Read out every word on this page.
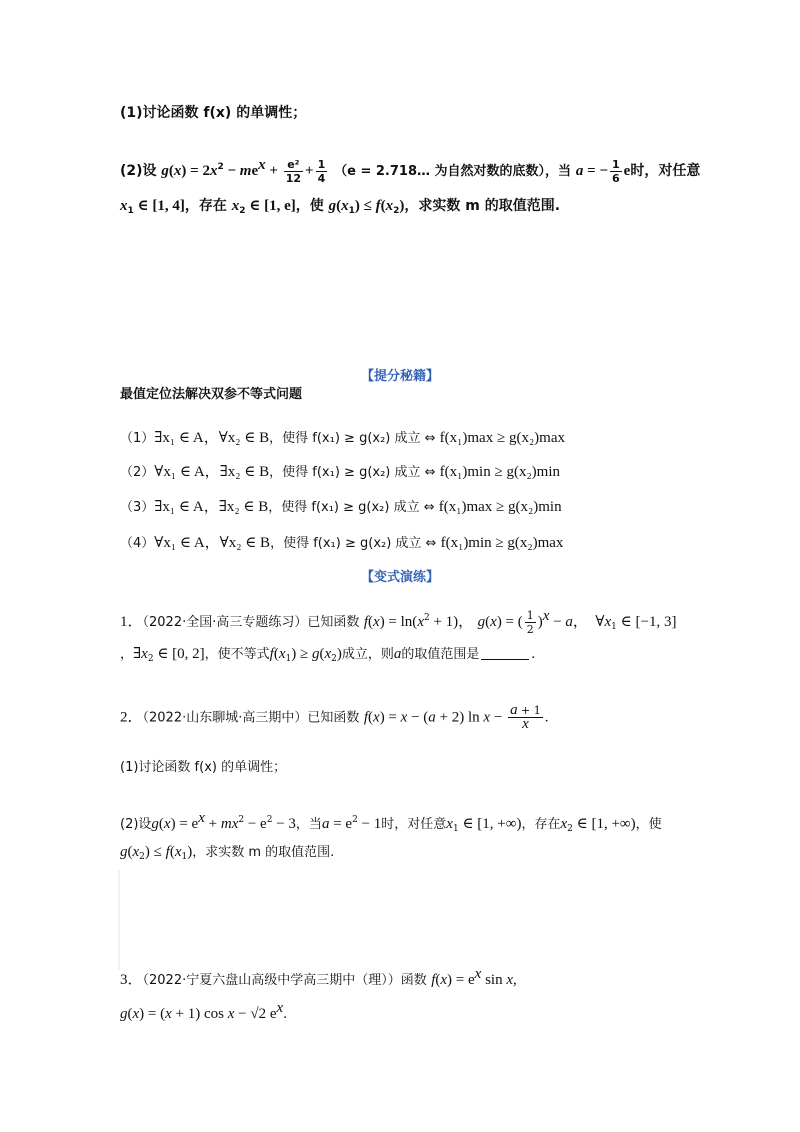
(1)讨论函数 f(x) 的单调性；
(2)设 $g(x) = 2x^2 - me^x + \frac{\text{e²}}{12} + \frac{1}{4} (e$ = 2.718… 为自然对数的底数），当 a = − $\frac{1}{6}$ e时，对任意
$x_1$ ∈ [1, 4]，存在 $x_2$ ∈ [1, e]，使 $g(x_1) \le f(x_2)$，求实数 m 的取值范围.
【提分秘籍】
最值定位法解决双参不等式问题
（1）∃x₁ ∈ A，∀x₂ ∈ B，使得 f(x₁) ≥ g(x₂) 成立 ⇔ f(x₁)max ≥ g(x₂)max
（2）∀x₁ ∈ A，∃x₂ ∈ B，使得 f(x₁) ≥ g(x₂) 成立 ⇔ f(x₁)min ≥ g(x₂)min
（3）∃x₁ ∈ A，∃x₂ ∈ B，使得 f(x₁) ≥ g(x₂) 成立 ⇔ f(x₁)max ≥ g(x₂)min
（4）∀x₁ ∈ A，∀x₂ ∈ B，使得 f(x₁) ≥ g(x₂) 成立 ⇔ f(x₁)min ≥ g(x₂)max
【变式演练】
1．（2022·全国·高三专题练习）已知函数 $f(x) = \ln(x^2 + 1)$， g(x) = ( $\frac{1}{2} )^x - a$，  $\forall x_1$ ∈ [−1, 3]
，$\exists x_2$ ∈ [0, 2]，使不等式$f(x_1) \ge g(x_2)$成立，则a的取值范围是	.
2．（2022·山东聊城·高三期中）已知函数 f(x) = x − (a + 2) $\ln x - \frac{a + 1}{x}$ .
(1)讨论函数 f(x) 的单调性；
(2)设$g(x) = e^x + mx^2 - e^2 - 3$，当$a = e^2 - 1$时，对任意$x_1$ ∈ [1, +∞)，存在$x_2$ ∈ [1, +∞)，使
$g(x_2) \le f(x_1)$，求实数 m 的取值范围.
3．（2022·宁夏六盘山高级中学高三期中（理））函数 $f(x) = e^x$ sin x,
g(x) = (x + 1) cos x − √2 $e^x$.
